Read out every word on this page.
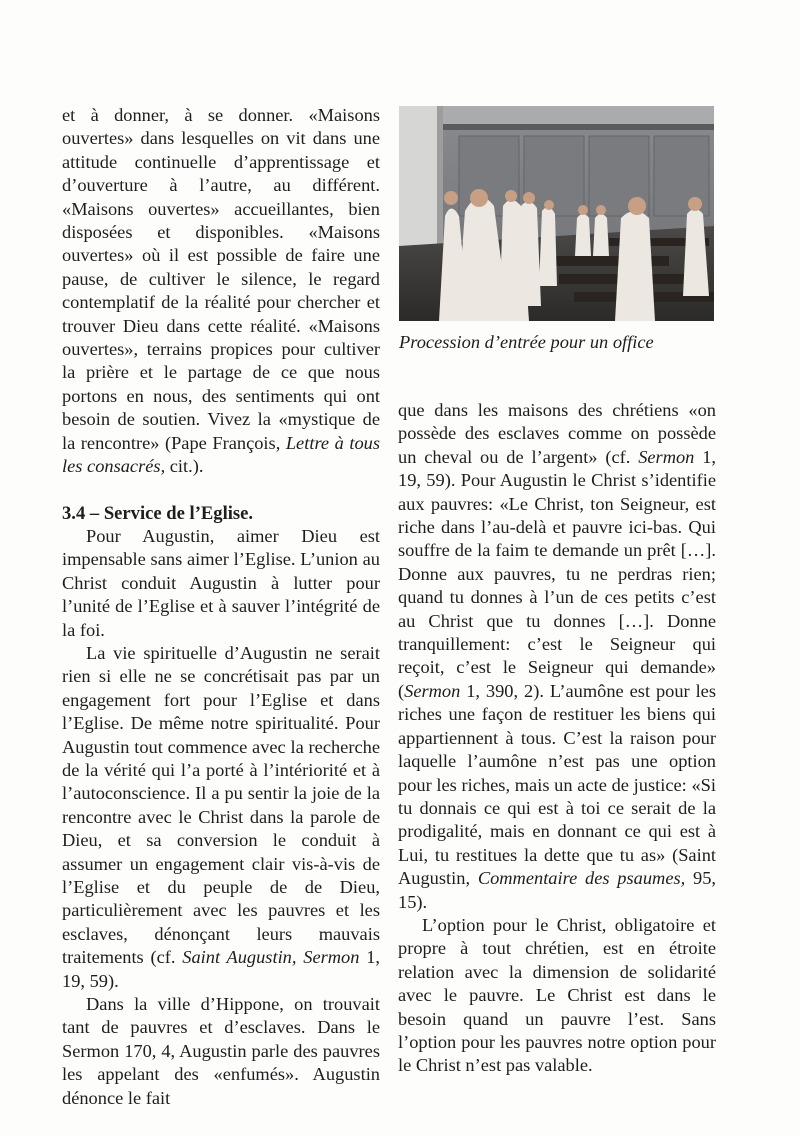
et à donner, à se donner. «Maisons ouvertes» dans lesquelles on vit dans une attitude continuelle d’apprentissage et d’ouverture à l’autre, au différent. «Maisons ouvertes» accueillantes, bien disposées et disponibles. «Maisons ouvertes» où il est possible de faire une pause, de cultiver le silence, le regard contemplatif de la réalité pour chercher et trouver Dieu dans cette réalité. «Maisons ouvertes», terrains propices pour cultiver la prière et le partage de ce que nous portons en nous, des sentiments qui ont besoin de soutien. Vivez la «mystique de la rencontre» (Pape François, Lettre à tous les consacrés, cit.).

3.4 – Service de l’Eglise.

Pour Augustin, aimer Dieu est impensable sans aimer l’Eglise. L’union au Christ conduit Augustin à lutter pour l’unité de l’Eglise et à sauver l’intégrité de la foi.

La vie spirituelle d’Augustin ne serait rien si elle ne se concrétisait pas par un engagement fort pour l’Eglise et dans l’Eglise. De même notre spiritualité. Pour Augustin tout commence avec la recherche de la vérité qui l’a porté à l’intériorité et à l’autoconscience. Il a pu sentir la joie de la rencontre avec le Christ dans la parole de Dieu, et sa conversion le conduit à assumer un engagement clair vis-à-vis de l’Eglise et du peuple de de Dieu, particulièrement avec les pauvres et les esclaves, dénonçant leurs mauvais traitements (cf. Saint Augustin, Sermon 1, 19, 59).

Dans la ville d’Hippone, on trouvait tant de pauvres et d’esclaves. Dans le Sermon 170, 4, Augustin parle des pauvres les appelant des «enfumés». Augustin dénonce le fait

Procession d’entrée pour un office

que dans les maisons des chrétiens «on possède des esclaves comme on possède un cheval ou de l’argent» (cf. Sermon 1, 19, 59). Pour Augustin le Christ s’identifie aux pauvres: «Le Christ, ton Seigneur, est riche dans l’au-delà et pauvre ici-bas. Qui souffre de la faim te demande un prêt […]. Donne aux pauvres, tu ne perdras rien; quand tu donnes à l’un de ces petits c’est au Christ que tu donnes […]. Donne tranquillement: c’est le Seigneur qui reçoit, c’est le Seigneur qui demande» (Sermon 1, 390, 2). L’aumône est pour les riches une façon de restituer les biens qui appartiennent à tous. C’est la raison pour laquelle l’aumône n’est pas une option pour les riches, mais un acte de justice: «Si tu donnais ce qui est à toi ce serait de la prodigalité, mais en donnant ce qui est à Lui, tu restitues la dette que tu as» (Saint Augustin, Commentaire des psaumes, 95, 15).

L’option pour le Christ, obligatoire et propre à tout chrétien, est en étroite relation avec la dimension de solidarité avec le pauvre. Le Christ est dans le besoin quand un pauvre l’est. Sans l’option pour les pauvres notre option pour le Christ n’est pas valable.
